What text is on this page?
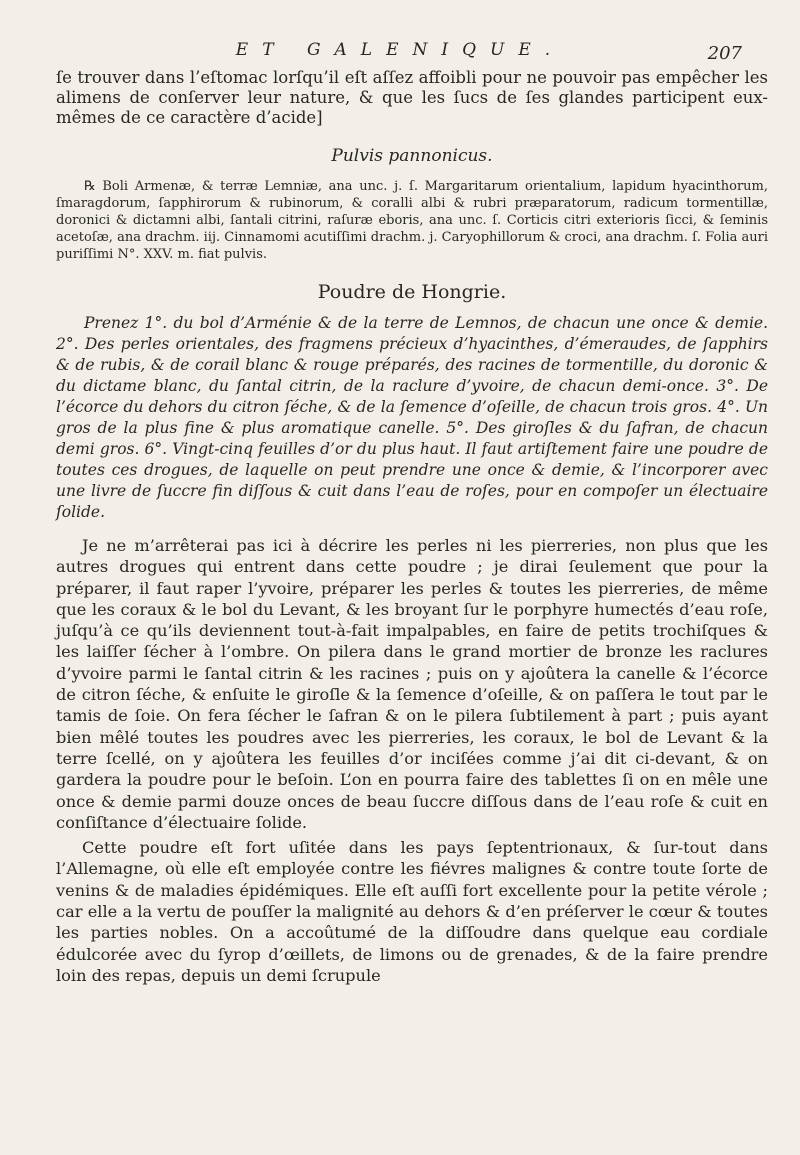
ET GALENIQUE.	207

ſe trouver dans l’eſtomac lorſqu’il eſt aſſez affoibli pour ne pouvoir pas empêcher les alimens de conſerver leur nature, & que les ſucs de ſes glandes participent eux-mêmes de ce caractère d’acide]

Pulvis pannonicus.

℞ Boli Armenæ, & terræ Lemniæ, ana unc. j. ſ. Margaritarum orientalium, lapidum hyacinthorum, ſmaragdorum, ſapphirorum & rubinorum, & coralli albi & rubri præparatorum, radicum tormentillæ, doronici & dictamni albi, ſantali citrini, raſuræ eboris, ana unc. ſ. Corticis citri exterioris ſicci, & ſeminis acetoſæ, ana drachm. iij. Cinnamomi acutiſſimi drachm. j. Caryophillorum & croci, ana drachm. ſ. Folia auri puriſſimi N°. XXV. m. fiat pulvis.

Poudre de Hongrie.

Prenez 1°. du bol d’Arménie & de la terre de Lemnos, de chacun une once & demie. 2°. Des perles orientales, des fragmens précieux d’hyacinthes, d’émeraudes, de ſapphirs & de rubis, & de corail blanc & rouge préparés, des racines de tormentille, du doronic & du dictame blanc, du ſantal citrin, de la raclure d’yvoire, de chacun demi-once. 3°. De l’écorce du dehors du citron ſéche, & de la ſemence d’oſeille, de chacun trois gros. 4°. Un gros de la plus fine & plus aromatique canelle. 5°. Des giroſles & du ſafran, de chacun demi gros. 6°. Vingt-cinq feuilles d’or du plus haut. Il faut artiſtement faire une poudre de toutes ces drogues, de laquelle on peut prendre une once & demie, & l’incorporer avec une livre de ſuccre fin diſſous & cuit dans l’eau de roſes, pour en compoſer un électuaire ſolide.

Je ne m’arrêterai pas ici à décrire les perles ni les pierreries, non plus que les autres drogues qui entrent dans cette poudre ; je dirai ſeulement que pour la préparer, il faut raper l’yvoire, préparer les perles & toutes les pierreries, de même que les coraux & le bol du Levant, & les broyant ſur le porphyre humectés d’eau roſe, juſqu’à ce qu’ils deviennent tout-à-fait impalpables, en faire de petits trochiſques & les laiſſer ſécher à l’ombre. On pilera dans le grand mortier de bronze les raclures d’yvoire parmi le ſantal citrin & les racines ; puis on y ajoûtera la canelle & l’écorce de citron ſéche, & enſuite le giroſle & la ſemence d’oſeille, & on paſſera le tout par le tamis de ſoie. On fera ſécher le ſafran & on le pilera ſubtilement à part ; puis ayant bien mêlé toutes les poudres avec les pierreries, les coraux, le bol de Levant & la terre ſcellé, on y ajoûtera les feuilles d’or inciſées comme j’ai dit ci-devant, & on gardera la poudre pour le beſoin. L’on en pourra faire des tablettes ſi on en mêle une once & demie parmi douze onces de beau ſuccre diſſous dans de l’eau roſe & cuit en conſiſtance d’électuaire ſolide.

Cette poudre eſt fort uſitée dans les pays ſeptentrionaux, & ſur-tout dans l’Allemagne, où elle eſt employée contre les fiévres malignes & contre toute ſorte de venins & de maladies épidémiques. Elle eſt auſſi fort excellente pour la petite vérole ; car elle a la vertu de pouſſer la malignité au dehors & d’en préſerver le cœur & toutes les parties nobles. On a accoûtumé de la diſſoudre dans quelque eau cordiale édulcorée avec du ſyrop d’œillets, de limons ou de grenades, & de la faire prendre loin des repas, depuis un demi ſcrupule
